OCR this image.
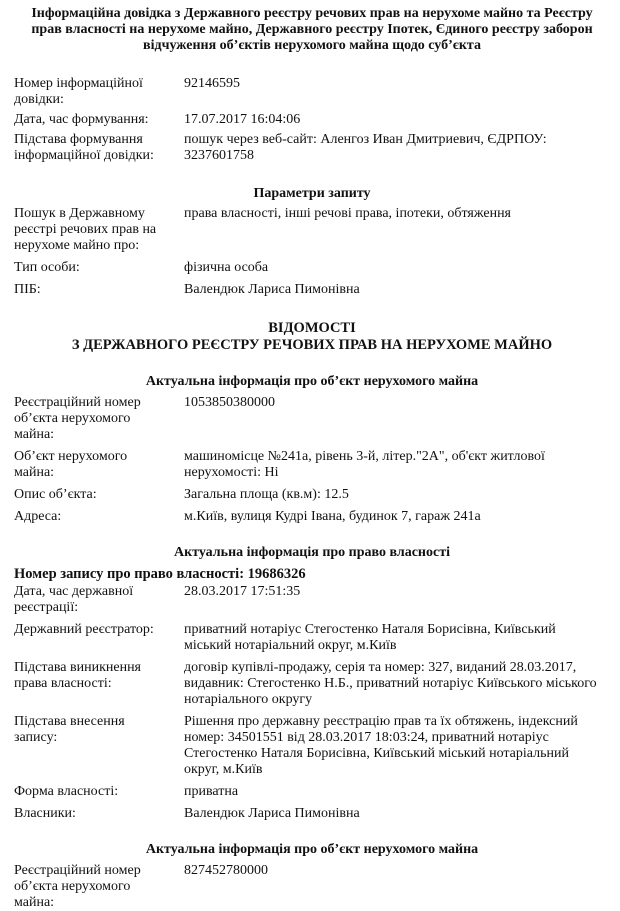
Інформаційна довідка з Державного реєстру речових прав на нерухоме майно та Реєстру
прав власності на нерухоме майно, Державного реєстру Іпотек, Єдиного реєстру заборон
відчуження об’єктів нерухомого майна щодо суб’єкта
Номер інформаційної
довідки:
92146595
Дата, час формування:	17.07.2017 16:04:06
Підстава формування
інформаційної довідки:
пошук через веб-сайт: Аленгоз Иван Дмитриевич, ЄДРПОУ:
3237601758
Параметри запиту
Пошук в Державному
реєстрі речових прав на
нерухоме майно про:
права власності, інші речові права, іпотеки, обтяження
Тип особи:	фізична особа
ПІБ:	Валендюк Лариса Пимонівна
ВІДОМОСТІ
З ДЕРЖАВНОГО РЕЄСТРУ РЕЧОВИХ ПРАВ НА НЕРУХОМЕ МАЙНО
Актуальна інформація про об’єкт нерухомого майна
Реєстраційний номер
об’єкта нерухомого
майна:
1053850380000
Об’єкт нерухомого
майна:
машиномісце №241а, рівень 3-й, літер."2А", об'єкт житлової
нерухомості: Ні
Опис об’єкта:	Загальна площа (кв.м): 12.5
Адреса:	м.Київ, вулиця Кудрі Івана, будинок 7, гараж 241а
Актуальна інформація про право власності
Номер запису про право власності: 19686326
Дата, час державної
реєстрації:
28.03.2017 17:51:35
Державний реєстратор:	приватний нотаріус Стегостенко Наталя Борисівна, Київський
міський нотаріальний округ, м.Київ
Підстава виникнення
права власності:
договір купівлі-продажу, серія та номер: 327, виданий 28.03.2017,
видавник: Стегостенко Н.Б., приватний нотаріус Київського міського
нотаріального округу
Підстава внесення
запису:
Рішення про державну реєстрацію прав та їх обтяжень, індексний
номер: 34501551 від 28.03.2017 18:03:24, приватний нотаріус
Стегостенко Наталя Борисівна, Київський міський нотаріальний
округ, м.Київ
Форма власності:	приватна
Власники:	Валендюк Лариса Пимонівна
Актуальна інформація про об’єкт нерухомого майна
Реєстраційний номер
об’єкта нерухомого
майна:
827452780000
